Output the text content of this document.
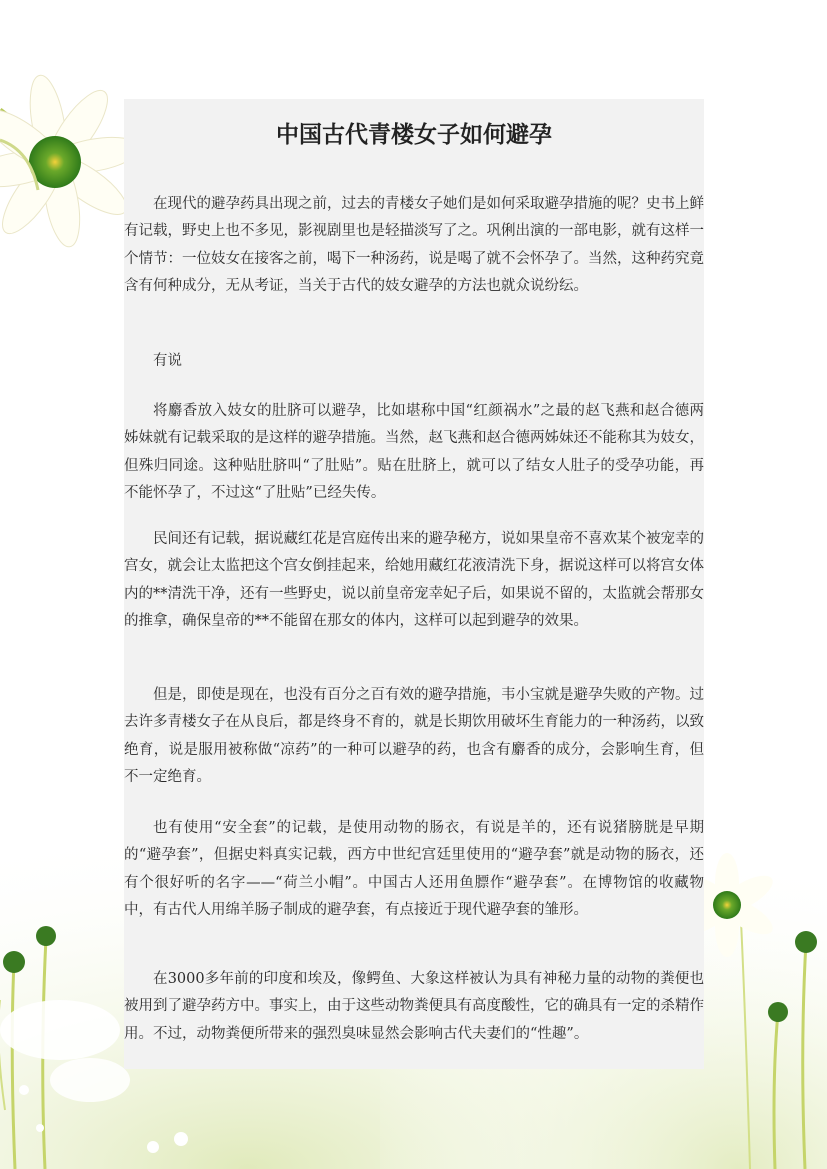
中国古代青楼女子如何避孕

在现代的避孕药具出现之前，过去的青楼女子她们是如何采取避孕措施的呢？史书上鲜有记载，野史上也不多见，影视剧里也是轻描淡写了之。巩俐出演的一部电影，就有这样一个情节：一位妓女在接客之前，喝下一种汤药，说是喝了就不会怀孕了。当然，这种药究竟含有何种成分，无从考证，当关于古代的妓女避孕的方法也就众说纷纭。

有说

将麝香放入妓女的肚脐可以避孕，比如堪称中国“红颜祸水”之最的赵飞燕和赵合德两姊妹就有记载采取的是这样的避孕措施。当然，赵飞燕和赵合德两姊妹还不能称其为妓女，但殊归同途。这种贴肚脐叫“了肚贴”。贴在肚脐上，就可以了结女人肚子的受孕功能，再不能怀孕了，不过这“了肚贴”已经失传。

民间还有记载，据说藏红花是宫庭传出来的避孕秘方，说如果皇帝不喜欢某个被宠幸的宫女，就会让太监把这个宫女倒挂起来，给她用藏红花液清洗下身，据说这样可以将宫女体内的**清洗干净，还有一些野史，说以前皇帝宠幸妃子后，如果说不留的，太监就会帮那女的推拿，确保皇帝的**不能留在那女的体内，这样可以起到避孕的效果。

但是，即使是现在，也没有百分之百有效的避孕措施，韦小宝就是避孕失败的产物。过去许多青楼女子在从良后，都是终身不育的，就是长期饮用破坏生育能力的一种汤药，以致绝育，说是服用被称做“凉药”的一种可以避孕的药，也含有麝香的成分，会影响生育，但不一定绝育。

也有使用“安全套”的记载，是使用动物的肠衣，有说是羊的，还有说猪膀胱是早期的“避孕套”，但据史料真实记载，西方中世纪宫廷里使用的“避孕套”就是动物的肠衣，还有个很好听的名字——“荷兰小帽”。中国古人还用鱼膘作“避孕套”。在博物馆的收藏物中，有古代人用绵羊肠子制成的避孕套，有点接近于现代避孕套的雏形。

在3000多年前的印度和埃及，像鳄鱼、大象这样被认为具有神秘力量的动物的粪便也被用到了避孕药方中。事实上，由于这些动物粪便具有高度酸性，它的确具有一定的杀精作用。不过，动物粪便所带来的强烈臭味显然会影响古代夫妻们的“性趣”。
